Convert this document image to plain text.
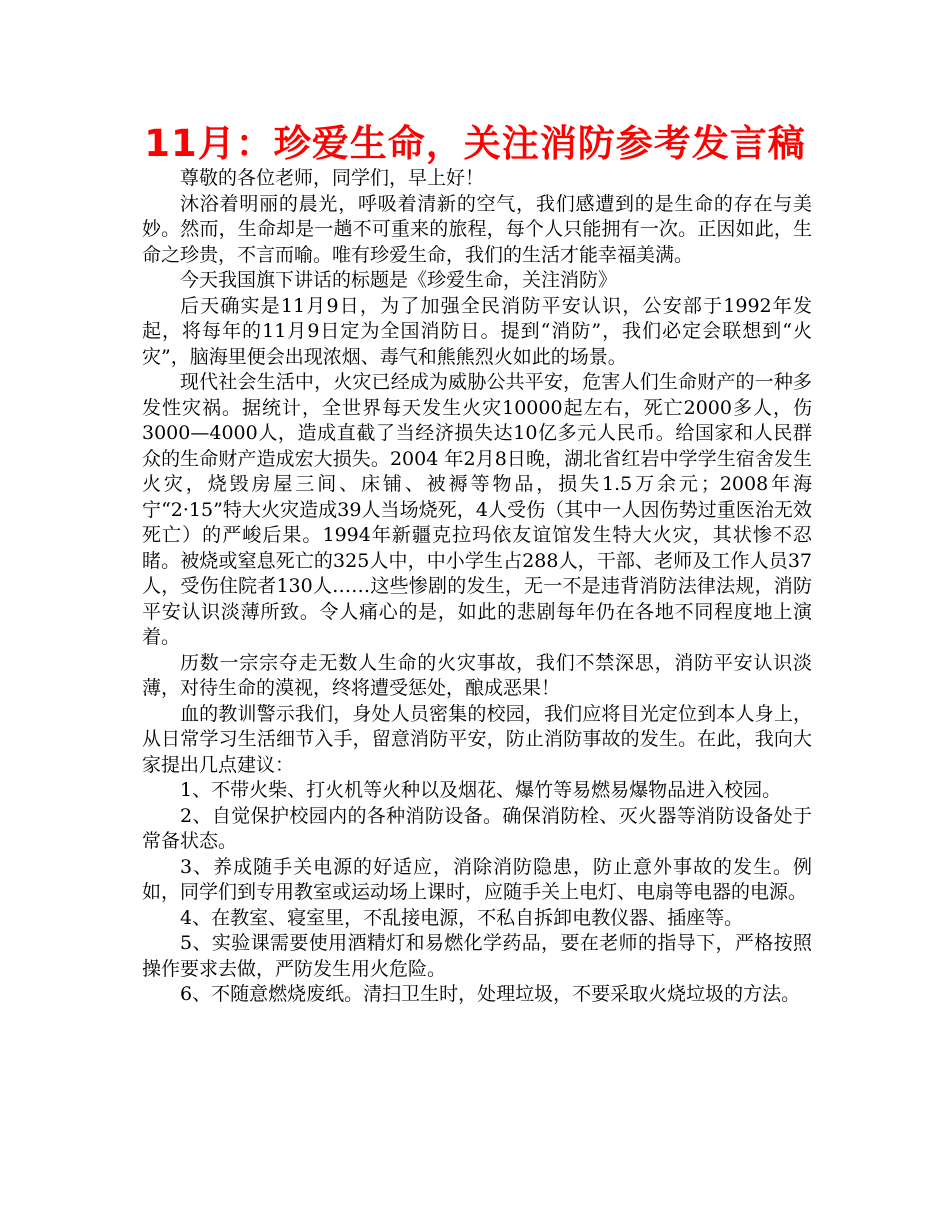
11月：珍爱生命，关注消防参考发言稿

尊敬的各位老师，同学们，早上好！

沐浴着明丽的晨光，呼吸着清新的空气，我们感遭到的是生命的存在与美妙。然而，生命却是一趟不可重来的旅程，每个人只能拥有一次。正因如此，生命之珍贵，不言而喻。唯有珍爱生命，我们的生活才能幸福美满。

今天我国旗下讲话的标题是《珍爱生命，关注消防》

后天确实是11月9日，为了加强全民消防平安认识，公安部于1992年发起，将每年的11月9日定为全国消防日。提到“消防”，我们必定会联想到“火灾”，脑海里便会出现浓烟、毒气和熊熊烈火如此的场景。

现代社会生活中，火灾已经成为威胁公共平安，危害人们生命财产的一种多发性灾祸。据统计，全世界每天发生火灾10000起左右，死亡2000多人，伤3000—4000人，造成直截了当经济损失达10亿多元人民币。给国家和人民群众的生命财产造成宏大损失。2004 年2月8日晚，湖北省红岩中学学生宿舍发生火灾，烧毁房屋三间、床铺、被褥等物品，损失1.5万余元；2008年海宁“2·15”特大火灾造成39人当场烧死，4人受伤（其中一人因伤势过重医治无效死亡）的严峻后果。1994年新疆克拉玛依友谊馆发生特大火灾，其状惨不忍睹。被烧或窒息死亡的325人中，中小学生占288人，干部、老师及工作人员37人，受伤住院者130人……这些惨剧的发生，无一不是违背消防法律法规，消防平安认识淡薄所致。令人痛心的是，如此的悲剧每年仍在各地不同程度地上演着。

历数一宗宗夺走无数人生命的火灾事故，我们不禁深思，消防平安认识淡薄，对待生命的漠视，终将遭受惩处，酿成恶果！

血的教训警示我们，身处人员密集的校园，我们应将目光定位到本人身上，从日常学习生活细节入手，留意消防平安，防止消防事故的发生。在此，我向大家提出几点建议：

1、不带火柴、打火机等火种以及烟花、爆竹等易燃易爆物品进入校园。

2、自觉保护校园内的各种消防设备。确保消防栓、灭火器等消防设备处于常备状态。

3、养成随手关电源的好适应，消除消防隐患，防止意外事故的发生。例如，同学们到专用教室或运动场上课时，应随手关上电灯、电扇等电器的电源。

4、在教室、寝室里，不乱接电源，不私自拆卸电教仪器、插座等。

5、实验课需要使用酒精灯和易燃化学药品，要在老师的指导下，严格按照操作要求去做，严防发生用火危险。

6、不随意燃烧废纸。清扫卫生时，处理垃圾，不要采取火烧垃圾的方法。
